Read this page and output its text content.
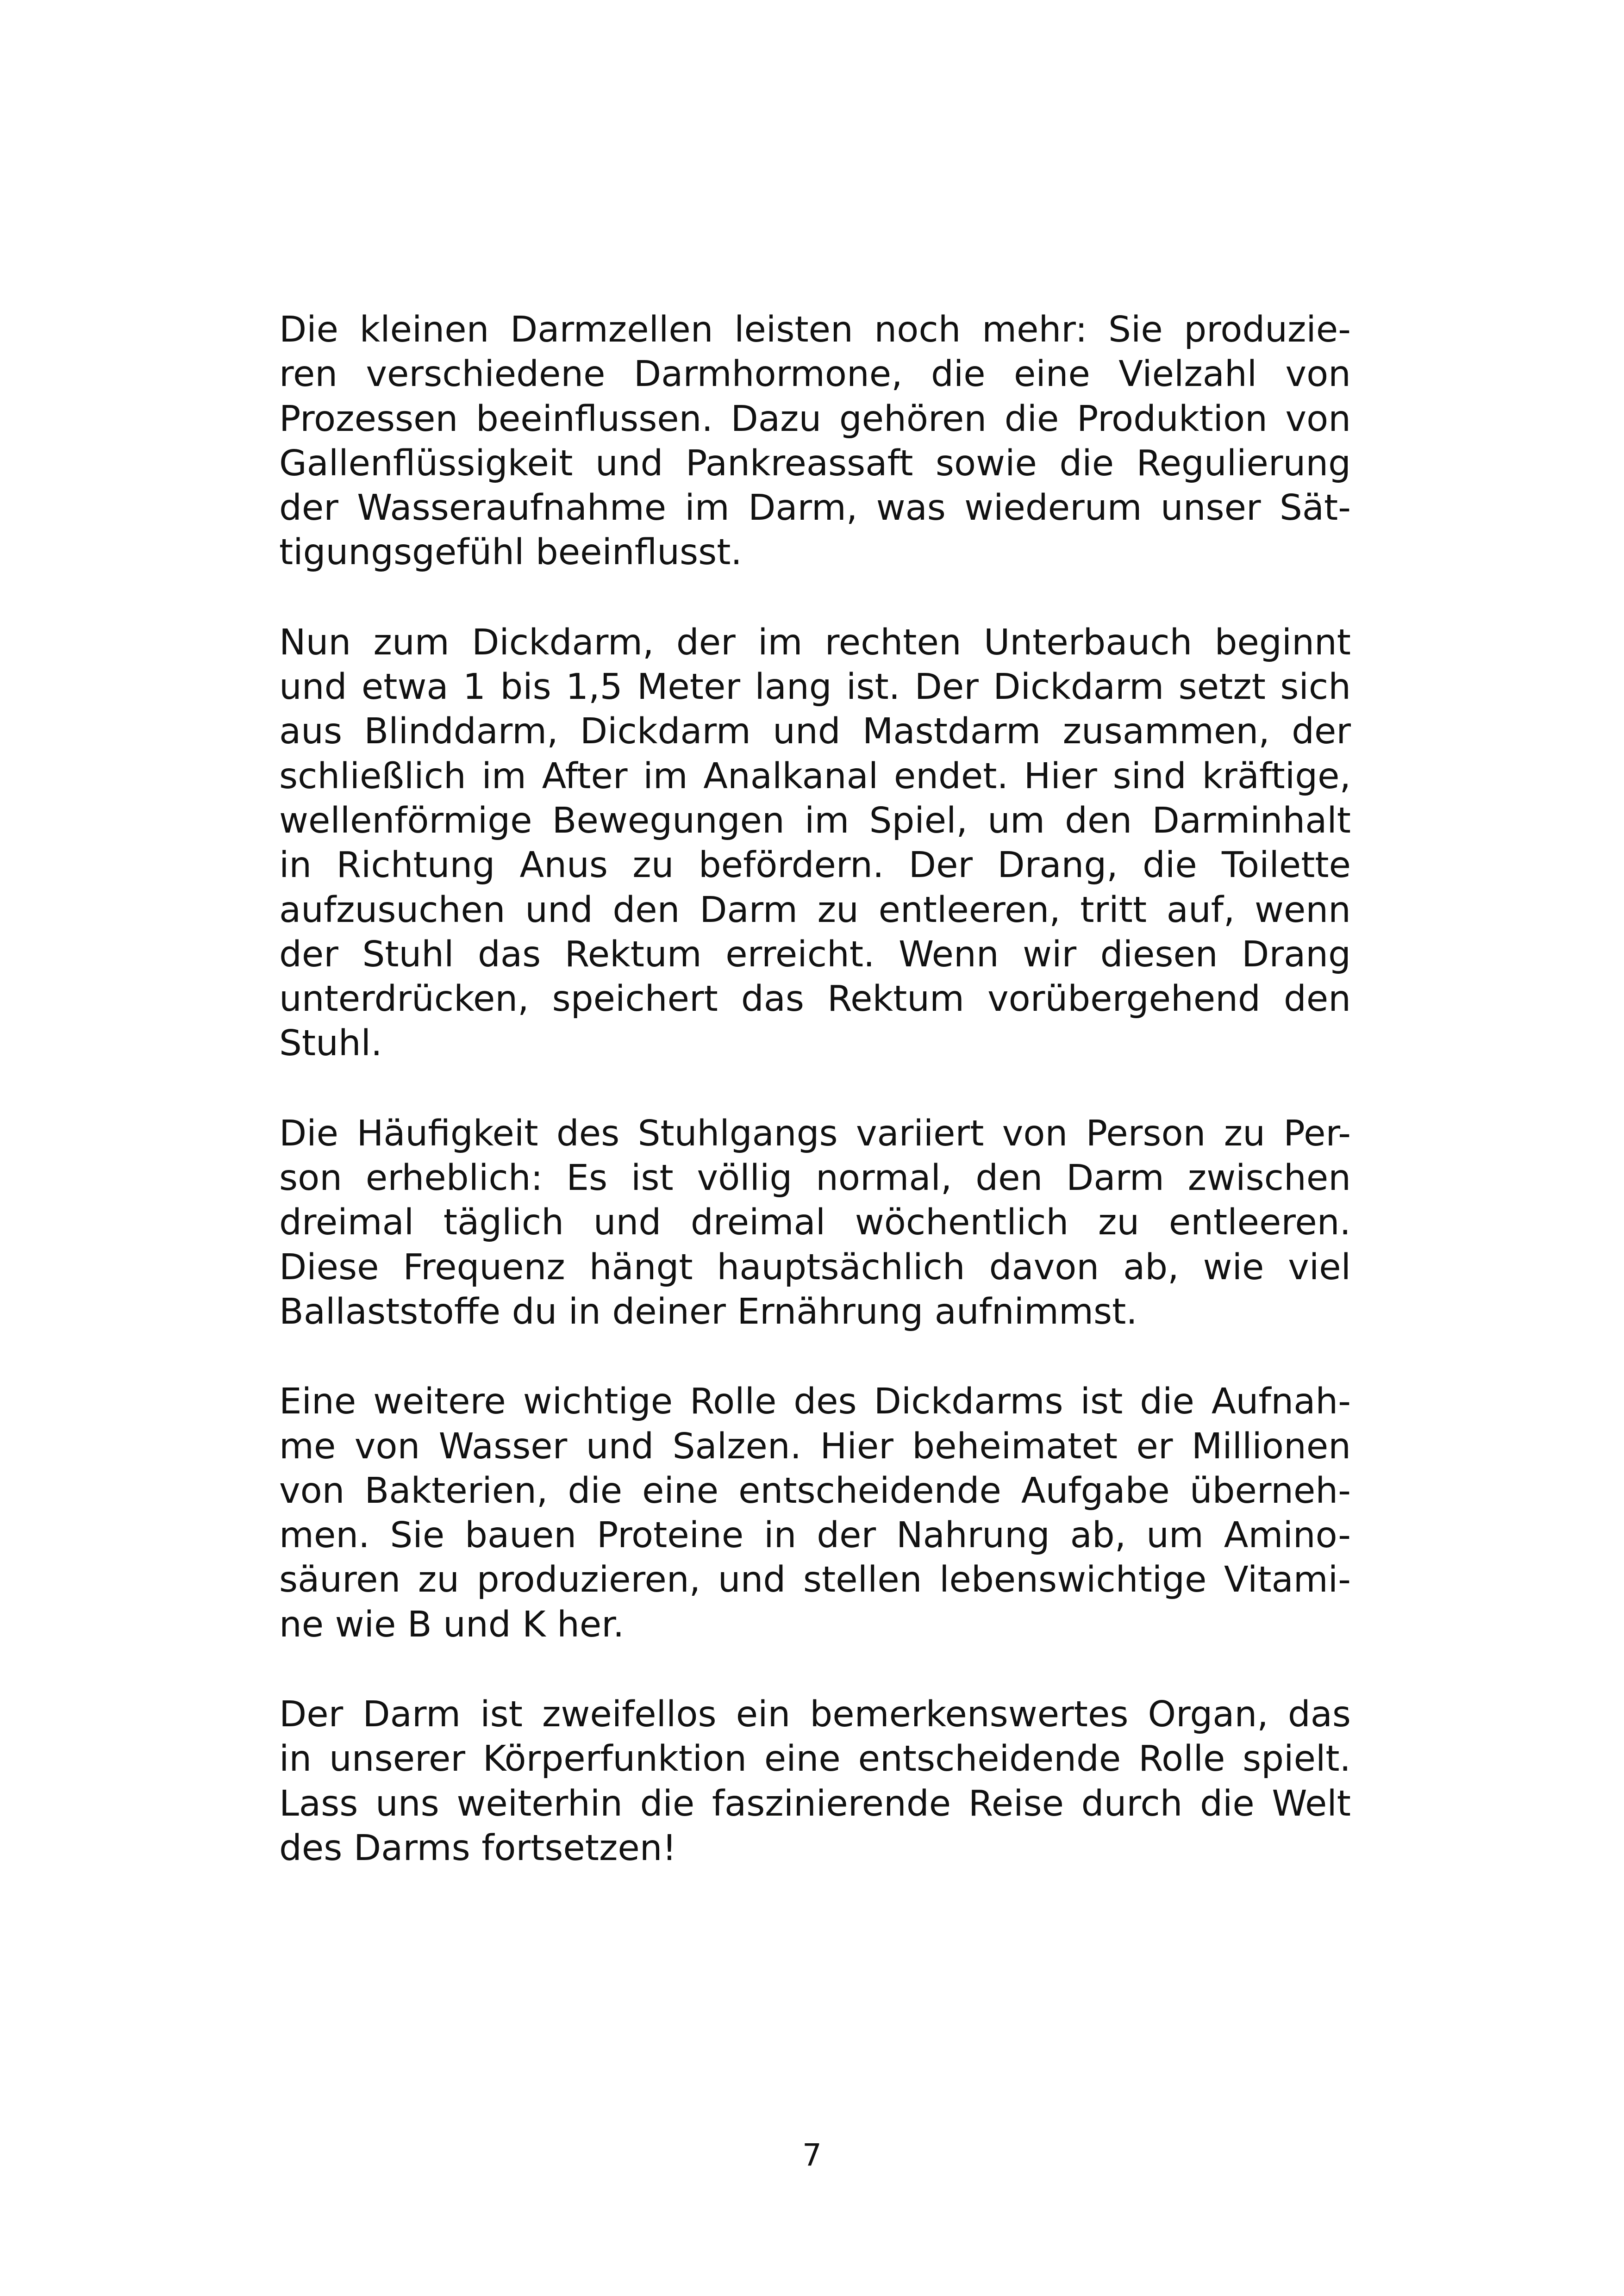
Die kleinen Darmzellen leisten noch mehr: Sie produzie-
ren verschiedene Darmhormone, die eine Vielzahl von
Prozessen beeinflussen. Dazu gehören die Produktion von
Gallenflüssigkeit und Pankreassaft sowie die Regulierung
der Wasseraufnahme im Darm, was wiederum unser Sät-
tigungsgefühl beeinflusst.
Nun zum Dickdarm, der im rechten Unterbauch beginnt
und etwa 1 bis 1,5 Meter lang ist. Der Dickdarm setzt sich
aus Blinddarm, Dickdarm und Mastdarm zusammen, der
schließlich im After im Analkanal endet. Hier sind kräftige,
wellenförmige Bewegungen im Spiel, um den Darminhalt
in Richtung Anus zu befördern. Der Drang, die Toilette
aufzusuchen und den Darm zu entleeren, tritt auf, wenn
der Stuhl das Rektum erreicht. Wenn wir diesen Drang
unterdrücken, speichert das Rektum vorübergehend den
Stuhl.
Die Häufigkeit des Stuhlgangs variiert von Person zu Per-
son erheblich: Es ist völlig normal, den Darm zwischen
dreimal täglich und dreimal wöchentlich zu entleeren.
Diese Frequenz hängt hauptsächlich davon ab, wie viel
Ballaststoffe du in deiner Ernährung aufnimmst.
Eine weitere wichtige Rolle des Dickdarms ist die Aufnah-
me von Wasser und Salzen. Hier beheimatet er Millionen
von Bakterien, die eine entscheidende Aufgabe überneh-
men. Sie bauen Proteine in der Nahrung ab, um Amino-
säuren zu produzieren, und stellen lebenswichtige Vitami-
ne wie B und K her.
Der Darm ist zweifellos ein bemerkenswertes Organ, das
in unserer Körperfunktion eine entscheidende Rolle spielt.
Lass uns weiterhin die faszinierende Reise durch die Welt
des Darms fortsetzen!
7
